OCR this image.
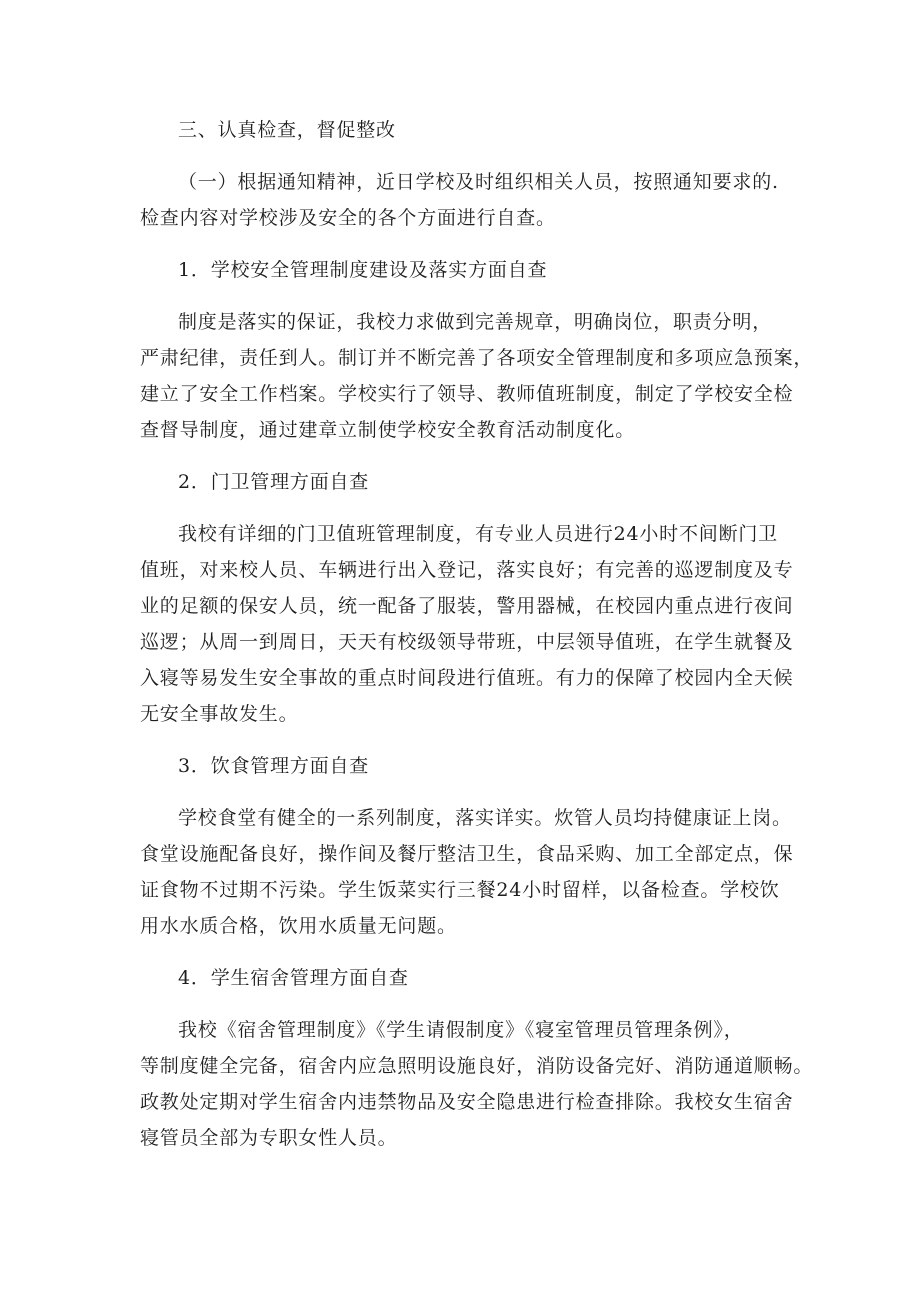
三、认真检查，督促整改
（一）根据通知精神，近日学校及时组织相关人员，按照通知要求的.
检查内容对学校涉及安全的各个方面进行自查。
1．学校安全管理制度建设及落实方面自查
制度是落实的保证，我校力求做到完善规章，明确岗位，职责分明，
严肃纪律，责任到人。制订并不断完善了各项安全管理制度和多项应急预案，
建立了安全工作档案。学校实行了领导、教师值班制度，制定了学校安全检
查督导制度，通过建章立制使学校安全教育活动制度化。
2．门卫管理方面自查
我校有详细的门卫值班管理制度，有专业人员进行24小时不间断门卫
值班，对来校人员、车辆进行出入登记，落实良好；有完善的巡逻制度及专
业的足额的保安人员，统一配备了服装，警用器械，在校园内重点进行夜间
巡逻；从周一到周日，天天有校级领导带班，中层领导值班，在学生就餐及
入寝等易发生安全事故的重点时间段进行值班。有力的保障了校园内全天候
无安全事故发生。
3．饮食管理方面自查
学校食堂有健全的一系列制度，落实详实。炊管人员均持健康证上岗。
食堂设施配备良好，操作间及餐厅整洁卫生，食品采购、加工全部定点，保
证食物不过期不污染。学生饭菜实行三餐24小时留样，以备检查。学校饮
用水水质合格，饮用水质量无问题。
4．学生宿舍管理方面自查
我校《宿舍管理制度》《学生请假制度》《寝室管理员管理条例》，
等制度健全完备，宿舍内应急照明设施良好，消防设备完好、消防通道顺畅。
政教处定期对学生宿舍内违禁物品及安全隐患进行检查排除。我校女生宿舍
寝管员全部为专职女性人员。
